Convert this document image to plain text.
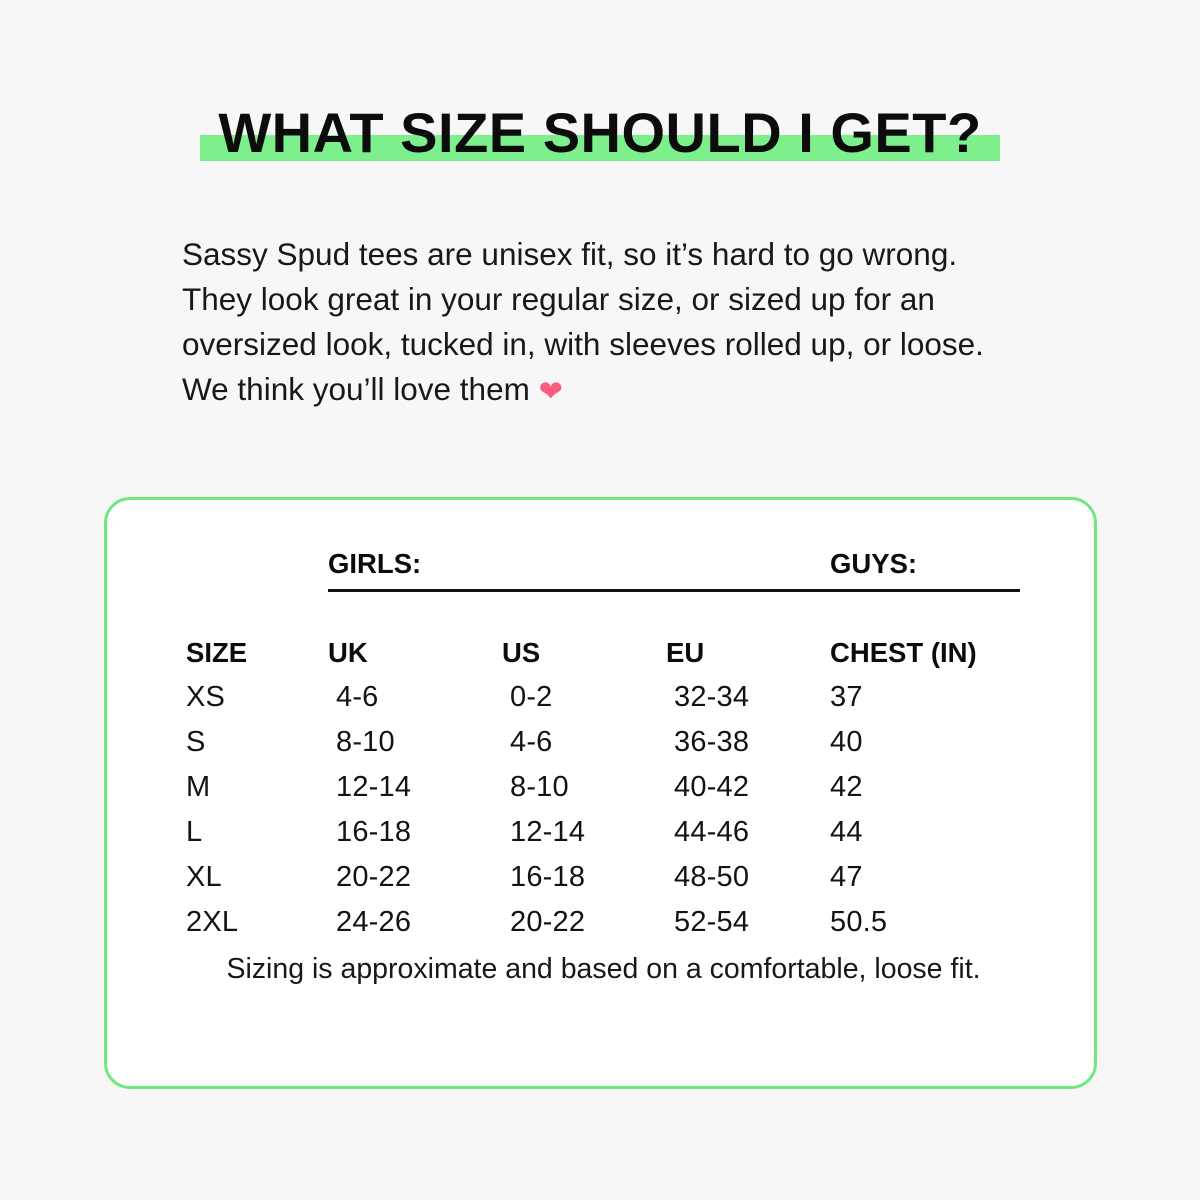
WHAT SIZE SHOULD I GET?
Sassy Spud tees are unisex fit, so it’s hard to go wrong. They look great in your regular size, or sized up for an oversized look, tucked in, with sleeves rolled up, or loose. We think you’ll love them ❤

	GIRLS:			GUYS:

SIZE	UK	US	EU	CHEST (IN)
XS	4-6	0-2	32-34	37
S	8-10	4-6	36-38	40
M	12-14	8-10	40-42	42
L	16-18	12-14	44-46	44
XL	20-22	16-18	48-50	47
2XL	24-26	20-22	52-54	50.5
Sizing is approximate and based on a comfortable, loose fit.
